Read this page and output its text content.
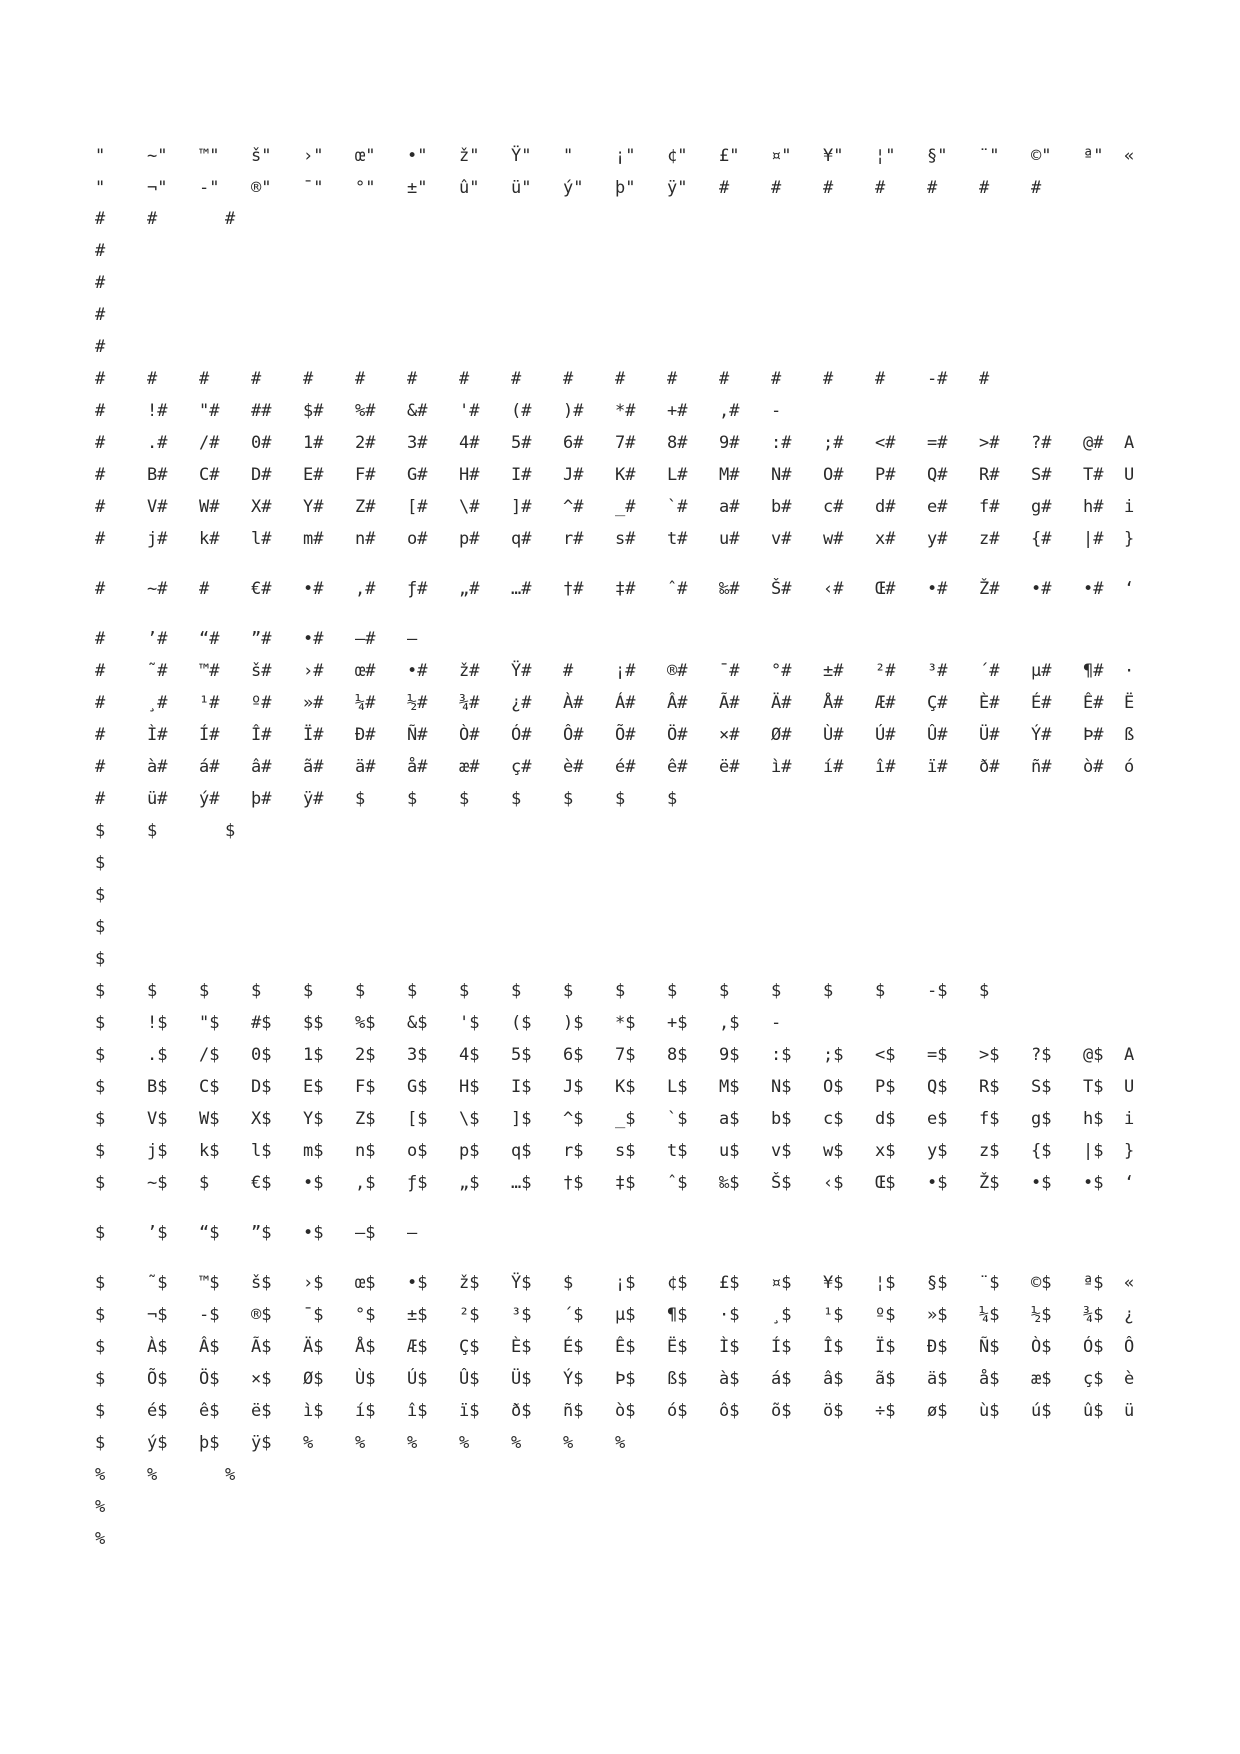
"	~"	™"	š"	›"	œ"	•"	ž"	Ÿ"	"	¡"	¢"	£"	¤"	¥"	¦"	§"	¨"	©"	ª"	«
"	¬"	-"	®"	¯"	°"	±"	û"	ü"	ý"	þ"	ÿ"	#	#	#	#	#	#	#
#	#	#
#
#
#
#
#	#	#	#	#	#	#	#	#	#	#	#	#	#	#	#	-#	#
#	!#	"#	##	$#	%#	&#	'#	(#	)#	*#	+#	,#	-
#	.#	/#	0#	1#	2#	3#	4#	5#	6#	7#	8#	9#	:#	;#	<#	=#	>#	?#	@#	A
#	B#	C#	D#	E#	F#	G#	H#	I#	J#	K#	L#	M#	N#	O#	P#	Q#	R#	S#	T#	U
#	V#	W#	X#	Y#	Z#	[#	\#	]#	^#	_#	`#	a#	b#	c#	d#	e#	f#	g#	h#	i
#	j#	k#	l#	m#	n#	o#	p#	q#	r#	s#	t#	u#	v#	w#	x#	y#	z#	{#	|#	}
#	~#	#	€#	•#	‚#	ƒ#	„#	…#	†#	‡#	ˆ#	‰#	Š#	‹#	Œ#	•#	Ž#	•#	•#	‘
#	’#	“#	”#	•#	–#	—
#	˜#	™#	š#	›#	œ#	•#	ž#	Ÿ#	#	¡#	®#	¯#	°#	±#	²#	³#	´#	µ#	¶#	·
#	¸#	¹#	º#	»#	¼#	½#	¾#	¿#	À#	Á#	Â#	Ã#	Ä#	Å#	Æ#	Ç#	È#	É#	Ê#	Ë
#	Ì#	Í#	Î#	Ï#	Ð#	Ñ#	Ò#	Ó#	Ô#	Õ#	Ö#	×#	Ø#	Ù#	Ú#	Û#	Ü#	Ý#	Þ#	ß
#	à#	á#	â#	ã#	ä#	å#	æ#	ç#	è#	é#	ê#	ë#	ì#	í#	î#	ï#	ð#	ñ#	ò#	ó
#	ü#	ý#	þ#	ÿ#	$	$	$	$	$	$	$
$	$	$
$
$
$
$
$	$	$	$	$	$	$	$	$	$	$	$	$	$	$	$	-$	$
$	!$	"$	#$	$$	%$	&$	'$	($	)$	*$	+$	,$	-
$	.$	/$	0$	1$	2$	3$	4$	5$	6$	7$	8$	9$	:$	;$	<$	=$	>$	?$	@$	A
$	B$	C$	D$	E$	F$	G$	H$	I$	J$	K$	L$	M$	N$	O$	P$	Q$	R$	S$	T$	U
$	V$	W$	X$	Y$	Z$	[$	\$	]$	^$	_$	`$	a$	b$	c$	d$	e$	f$	g$	h$	i
$	j$	k$	l$	m$	n$	o$	p$	q$	r$	s$	t$	u$	v$	w$	x$	y$	z$	{$	|$	}
$	~$	$	€$	•$	‚$	ƒ$	„$	…$	†$	‡$	ˆ$	‰$	Š$	‹$	Œ$	•$	Ž$	•$	•$	‘
$	’$	“$	”$	•$	–$	—
$	˜$	™$	š$	›$	œ$	•$	ž$	Ÿ$	$	¡$	¢$	£$	¤$	¥$	¦$	§$	¨$	©$	ª$	«
$	¬$	-$	®$	¯$	°$	±$	²$	³$	´$	µ$	¶$	·$	¸$	¹$	º$	»$	¼$	½$	¾$	¿
$	À$	Â$	Ã$	Ä$	Å$	Æ$	Ç$	È$	É$	Ê$	Ë$	Ì$	Í$	Î$	Ï$	Ð$	Ñ$	Ò$	Ó$	Ô
$	Õ$	Ö$	×$	Ø$	Ù$	Ú$	Û$	Ü$	Ý$	Þ$	ß$	à$	á$	â$	ã$	ä$	å$	æ$	ç$	è
$	é$	ê$	ë$	ì$	í$	î$	ï$	ð$	ñ$	ò$	ó$	ô$	õ$	ö$	÷$	ø$	ù$	ú$	û$	ü
$	ý$	þ$	ÿ$	%	%	%	%	%	%	%
%	%	%
%
%
